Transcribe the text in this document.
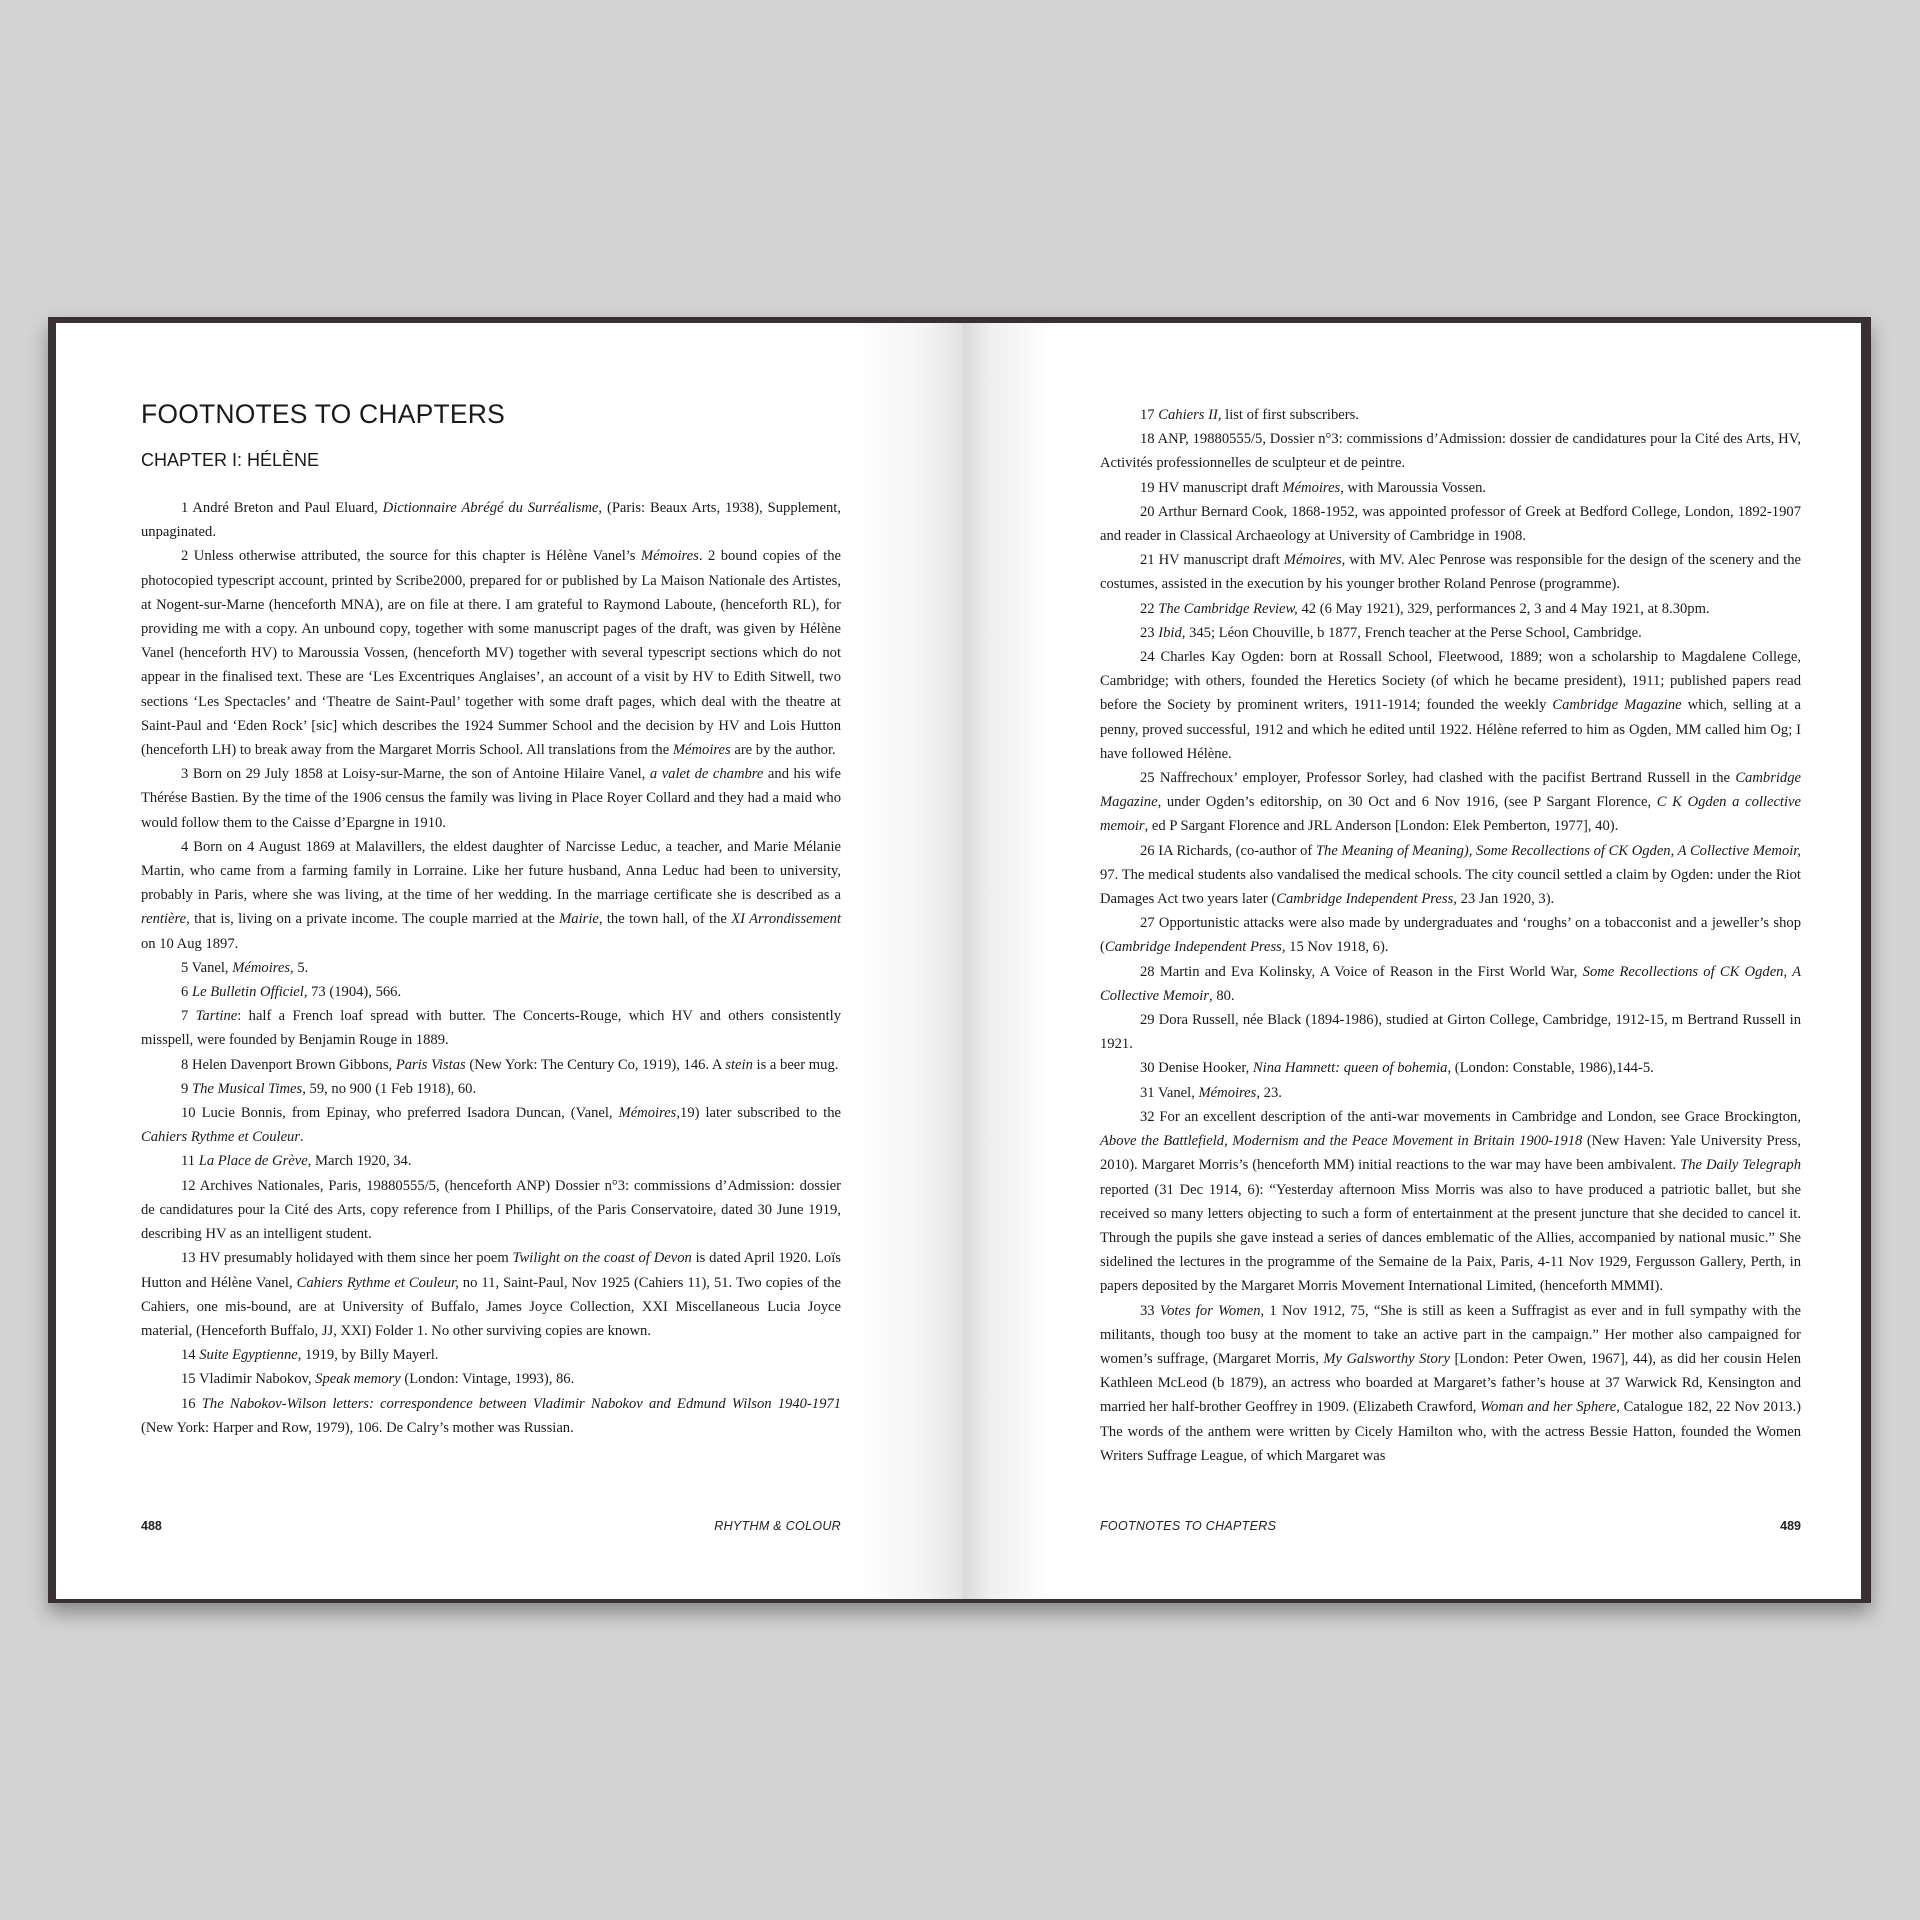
FOOTNOTES TO CHAPTERS
CHAPTER I: HÉLÈNE

1 André Breton and Paul Eluard, Dictionnaire Abrégé du Surréalisme, (Paris: Beaux Arts, 1938), Supplement, unpaginated.

2 Unless otherwise attributed, the source for this chapter is Hélène Vanel’s Mémoires. 2 bound copies of the photocopied typescript account, printed by Scribe2000, prepared for or published by La Maison Nationale des Artistes, at Nogent-sur-Marne (henceforth MNA), are on file at there. I am grateful to Raymond Laboute, (henceforth RL), for providing me with a copy. An unbound copy, together with some manuscript pages of the draft, was given by Hélène Vanel (henceforth HV) to Maroussia Vossen, (henceforth MV) together with several typescript sections which do not appear in the finalised text. These are ‘Les Excentriques Anglaises’, an account of a visit by HV to Edith Sitwell, two sections ‘Les Spectacles’ and ‘Theatre de Saint-Paul’ together with some draft pages, which deal with the theatre at Saint-Paul and ‘Eden Rock’ [sic] which describes the 1924 Summer School and the decision by HV and Lois Hutton (henceforth LH) to break away from the Margaret Morris School. All translations from the Mémoires are by the author.

3 Born on 29 July 1858 at Loisy-sur-Marne, the son of Antoine Hilaire Vanel, a valet de chambre and his wife Thérése Bastien. By the time of the 1906 census the family was living in Place Royer Collard and they had a maid who would follow them to the Caisse d’Epargne in 1910.

4 Born on 4 August 1869 at Malavillers, the eldest daughter of Narcisse Leduc, a teacher, and Marie Mélanie Martin, who came from a farming family in Lorraine. Like her future husband, Anna Leduc had been to university, probably in Paris, where she was living, at the time of her wedding. In the marriage certificate she is described as a rentière, that is, living on a private income. The couple married at the Mairie, the town hall, of the XI Arrondissement on 10 Aug 1897.

5 Vanel, Mémoires, 5.

6 Le Bulletin Officiel, 73 (1904), 566.

7 Tartine: half a French loaf spread with butter. The Concerts-Rouge, which HV and others consistently misspell, were founded by Benjamin Rouge in 1889.

8 Helen Davenport Brown Gibbons, Paris Vistas (New York: The Century Co, 1919), 146. A stein is a beer mug.

9 The Musical Times, 59, no 900 (1 Feb 1918), 60.

10 Lucie Bonnis, from Epinay, who preferred Isadora Duncan, (Vanel, Mémoires,19) later subscribed to the Cahiers Rythme et Couleur.

11 La Place de Grève, March 1920, 34.

12 Archives Nationales, Paris, 19880555/5, (henceforth ANP) Dossier n°3: commissions d’Admission: dossier de candidatures pour la Cité des Arts, copy reference from I Phillips, of the Paris Conservatoire, dated 30 June 1919, describing HV as an intelligent student.

13 HV presumably holidayed with them since her poem Twilight on the coast of Devon is dated April 1920. Loïs Hutton and Hélène Vanel, Cahiers Rythme et Couleur, no 11, Saint-Paul, Nov 1925 (Cahiers 11), 51. Two copies of the Cahiers, one mis-bound, are at University of Buffalo, James Joyce Collection, XXI Miscellaneous Lucia Joyce material, (Henceforth Buffalo, JJ, XXI) Folder 1. No other surviving copies are known.

14 Suite Egyptienne, 1919, by Billy Mayerl.

15 Vladimir Nabokov, Speak memory (London: Vintage, 1993), 86.

16 The Nabokov-Wilson letters: correspondence between Vladimir Nabokov and Edmund Wilson 1940-1971 (New York: Harper and Row, 1979), 106. De Calry’s mother was Russian.

488	RHYTHM & COLOUR

17 Cahiers II, list of first subscribers.

18 ANP, 19880555/5, Dossier n°3: commissions d’Admission: dossier de candidatures pour la Cité des Arts, HV, Activités professionnelles de sculpteur et de peintre.

19 HV manuscript draft Mémoires, with Maroussia Vossen.

20 Arthur Bernard Cook, 1868-1952, was appointed professor of Greek at Bedford College, London, 1892-1907 and reader in Classical Archaeology at University of Cambridge in 1908.

21 HV manuscript draft Mémoires, with MV. Alec Penrose was responsible for the design of the scenery and the costumes, assisted in the execution by his younger brother Roland Penrose (programme).

22 The Cambridge Review, 42 (6 May 1921), 329, performances 2, 3 and 4 May 1921, at 8.30pm.

23 Ibid, 345; Léon Chouville, b 1877, French teacher at the Perse School, Cambridge.

24 Charles Kay Ogden: born at Rossall School, Fleetwood, 1889; won a scholarship to Magdalene College, Cambridge; with others, founded the Heretics Society (of which he became president), 1911; published papers read before the Society by prominent writers, 1911-1914; founded the weekly Cambridge Magazine which, selling at a penny, proved successful, 1912 and which he edited until 1922. Hélène referred to him as Ogden, MM called him Og; I have followed Hélène.

25 Naffrechoux’ employer, Professor Sorley, had clashed with the pacifist Bertrand Russell in the Cambridge Magazine, under Ogden’s editorship, on 30 Oct and 6 Nov 1916, (see P Sargant Florence, C K Ogden a collective memoir, ed P Sargant Florence and JRL Anderson [London: Elek Pemberton, 1977], 40).

26 IA Richards, (co-author of The Meaning of Meaning), Some Recollections of CK Ogden, A Collective Memoir, 97. The medical students also vandalised the medical schools. The city council settled a claim by Ogden: under the Riot Damages Act two years later (Cambridge Independent Press, 23 Jan 1920, 3).

27 Opportunistic attacks were also made by undergraduates and ‘roughs’ on a tobacconist and a jeweller’s shop (Cambridge Independent Press, 15 Nov 1918, 6).

28 Martin and Eva Kolinsky, A Voice of Reason in the First World War, Some Recollections of CK Ogden, A Collective Memoir, 80.

29 Dora Russell, née Black (1894-1986), studied at Girton College, Cambridge, 1912-15, m Bertrand Russell in 1921.

30 Denise Hooker, Nina Hamnett: queen of bohemia, (London: Constable, 1986),144-5.

31 Vanel, Mémoires, 23.

32 For an excellent description of the anti-war movements in Cambridge and London, see Grace Brockington, Above the Battlefield, Modernism and the Peace Movement in Britain 1900-1918 (New Haven: Yale University Press, 2010). Margaret Morris’s (henceforth MM) initial reactions to the war may have been ambivalent. The Daily Telegraph reported (31 Dec 1914, 6): “Yesterday afternoon Miss Morris was also to have produced a patriotic ballet, but she received so many letters objecting to such a form of entertainment at the present juncture that she decided to cancel it. Through the pupils she gave instead a series of dances emblematic of the Allies, accompanied by national music.” She sidelined the lectures in the programme of the Semaine de la Paix, Paris, 4-11 Nov 1929, Fergusson Gallery, Perth, in papers deposited by the Margaret Morris Movement International Limited, (henceforth MMMI).

33 Votes for Women, 1 Nov 1912, 75, “She is still as keen a Suffragist as ever and in full sympathy with the militants, though too busy at the moment to take an active part in the campaign.” Her mother also campaigned for women’s suffrage, (Margaret Morris, My Galsworthy Story [London: Peter Owen, 1967], 44), as did her cousin Helen Kathleen McLeod (b 1879), an actress who boarded at Margaret’s father’s house at 37 Warwick Rd, Kensington and married her half-brother Geoffrey in 1909. (Elizabeth Crawford, Woman and her Sphere, Catalogue 182, 22 Nov 2013.) The words of the anthem were written by Cicely Hamilton who, with the actress Bessie Hatton, founded the Women Writers Suffrage League, of which Margaret was

FOOTNOTES TO CHAPTERS	489
